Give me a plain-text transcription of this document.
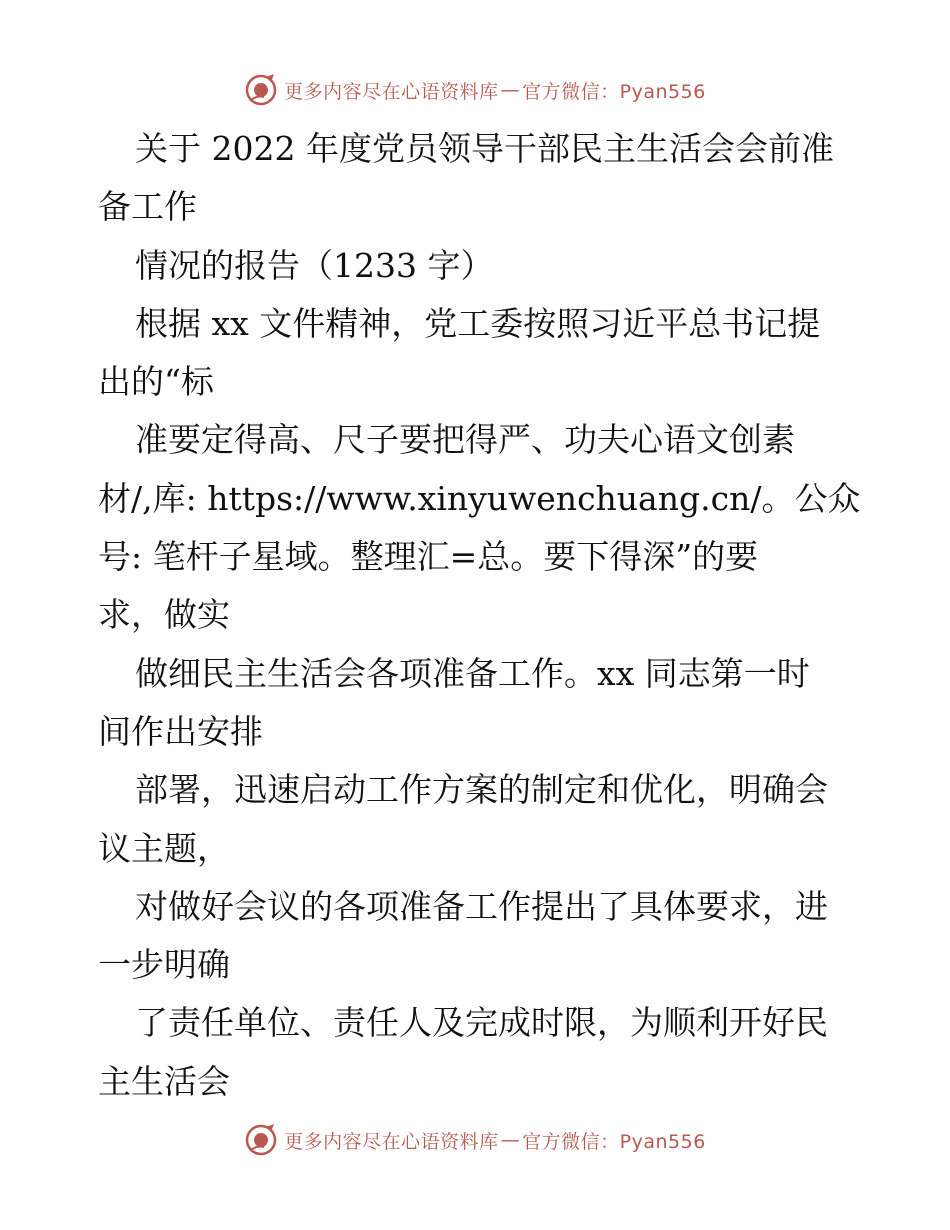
更多内容尽在心语资料库 — 官方微信：Pyan556

关于 2022 年度党员领导干部民主生活会会前准

备工作

情况的报告（1233 字）

根据 xx 文件精神，党工委按照习近平总书记提

出的“标

准要定得高、尺子要把得严、功夫心语文创素

材/,库: https://www.xinyuwenchuang.cn/。公众

号: 笔杆子星域。整理汇=总。要下得深”的要

求，做实

做细民主生活会各项准备工作。xx 同志第一时

间作出安排

部署，迅速启动工作方案的制定和优化，明确会

议主题，

对做好会议的各项准备工作提出了具体要求，进

一步明确

了责任单位、责任人及完成时限，为顺利开好民

主生活会

更多内容尽在心语资料库 — 官方微信：Pyan556
